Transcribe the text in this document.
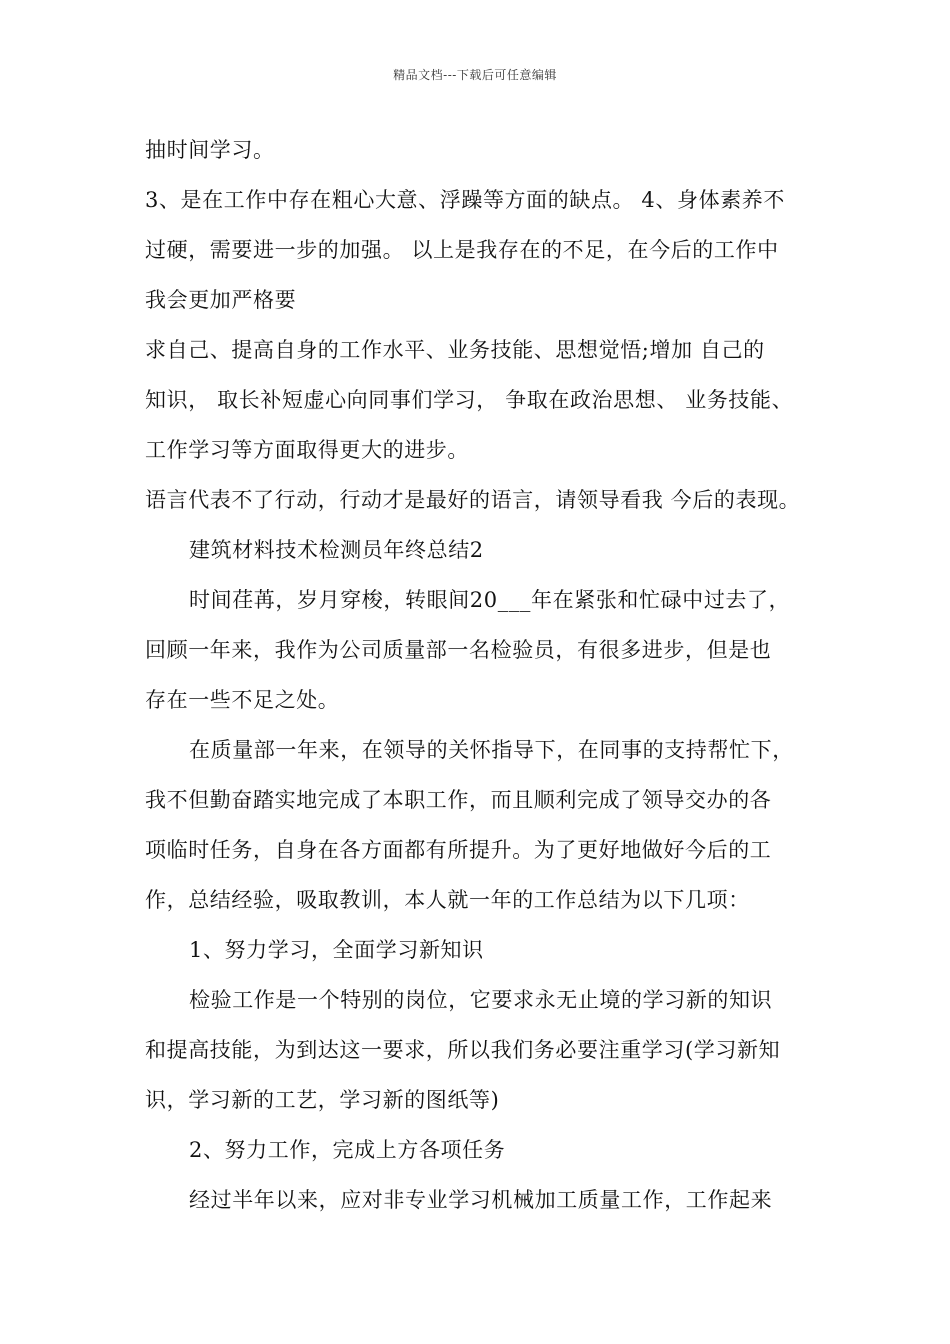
精品文档---下载后可任意编辑
抽时间学习。
3、是在工作中存在粗心大意、浮躁等方面的缺点。 4、身体素养不
过硬，需要进一步的加强。 以上是我存在的不足，在今后的工作中
我会更加严格要
求自己、提高自身的工作水平、业务技能、思想觉悟;增加 自己的
知识， 取长补短虚心向同事们学习， 争取在政治思想、 业务技能、
工作学习等方面取得更大的进步。
语言代表不了行动，行动才是最好的语言，请领导看我 今后的表现。
建筑材料技术检测员年终总结2
时间荏苒，岁月穿梭，转眼间20___年在紧张和忙碌中过去了，
回顾一年来，我作为公司质量部一名检验员，有很多进步，但是也
存在一些不足之处。
在质量部一年来，在领导的关怀指导下，在同事的支持帮忙下，
我不但勤奋踏实地完成了本职工作，而且顺利完成了领导交办的各
项临时任务，自身在各方面都有所提升。为了更好地做好今后的工
作，总结经验，吸取教训，本人就一年的工作总结为以下几项：
1、努力学习，全面学习新知识
检验工作是一个特别的岗位，它要求永无止境的学习新的知识
和提高技能，为到达这一要求，所以我们务必要注重学习(学习新知
识，学习新的工艺，学习新的图纸等)
2、努力工作，完成上方各项任务
经过半年以来，应对非专业学习机械加工质量工作，工作起来
